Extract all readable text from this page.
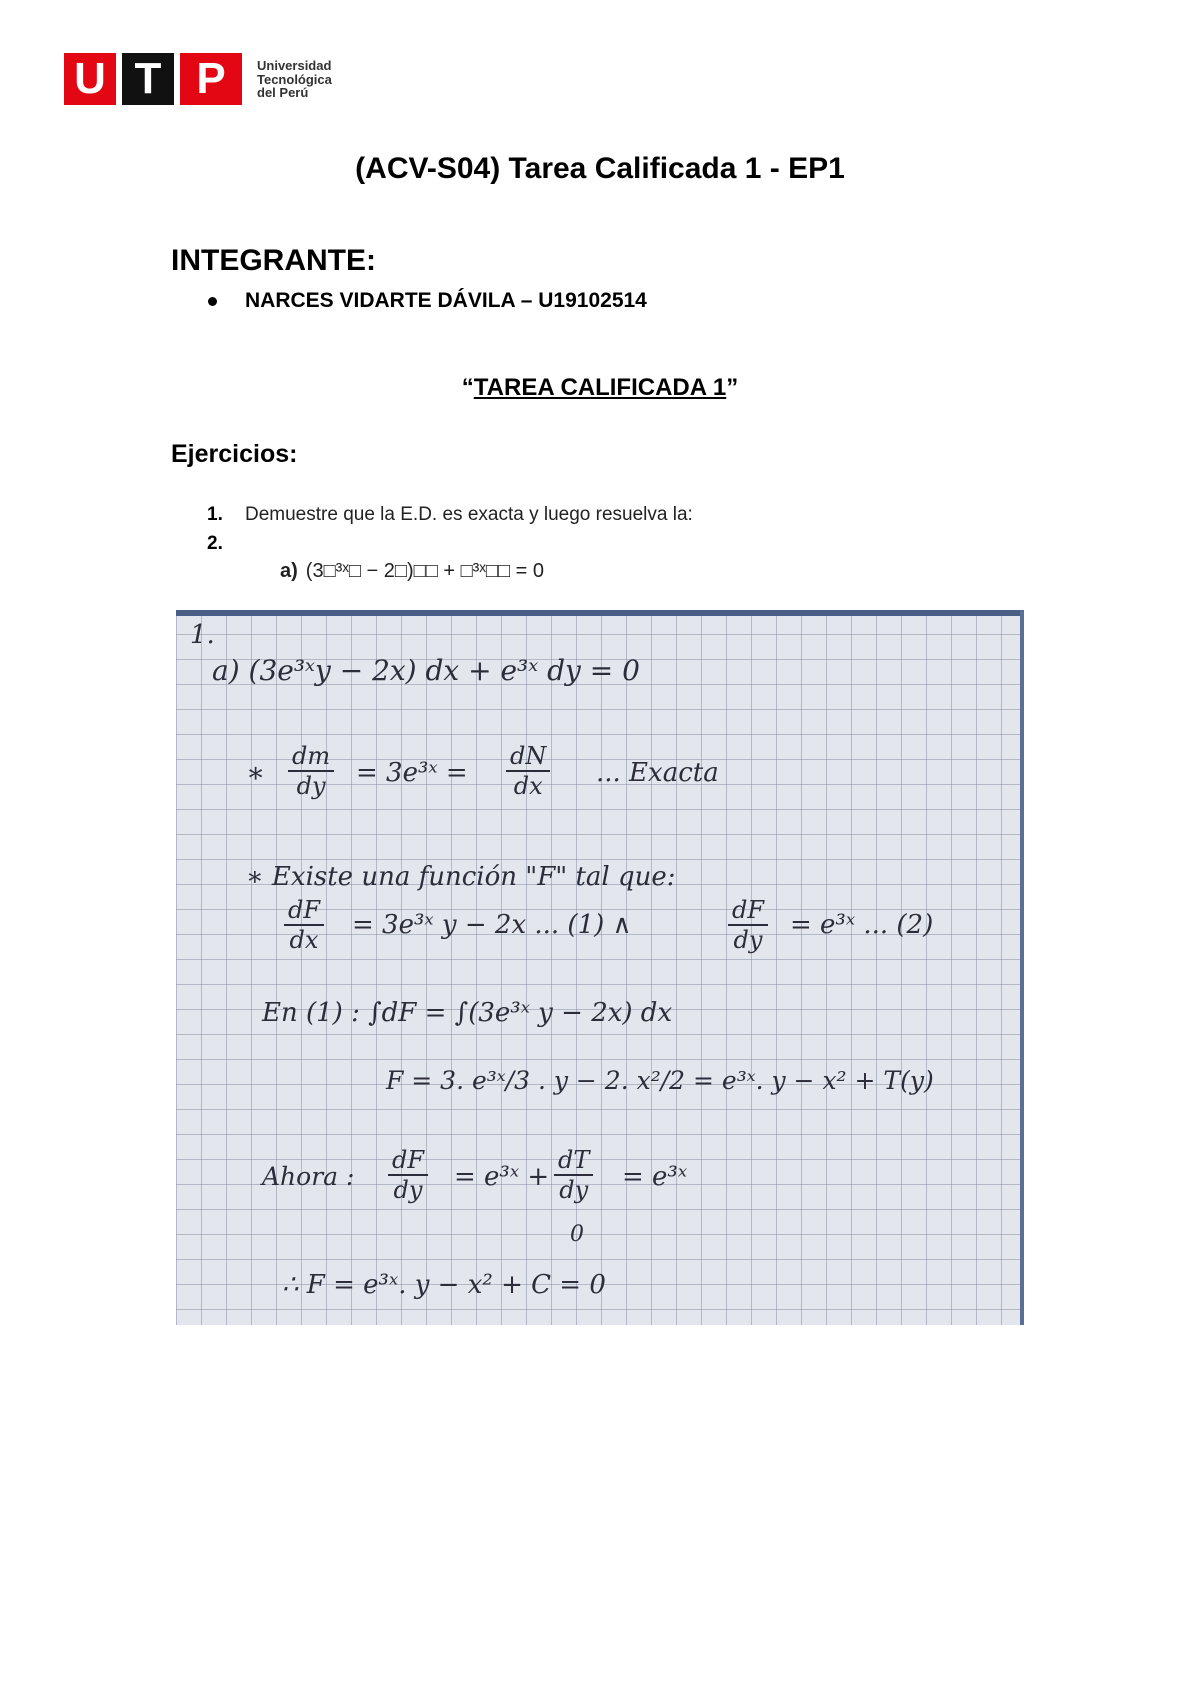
U T P	Universidad
Tecnológica
del Perú
(ACV-S04) Tarea Calificada 1 - EP1
INTEGRANTE:
NARCES VIDARTE DÁVILA – U19102514
“TAREA CALIFICADA 1”
Ejercicios:
1. Demuestre que la E.D. es exacta y luego resuelva la:
2.
a) (3□³ˣ□ − 2□)□□ + □³ˣ□□ = 0
1.
a) (3e³ˣy − 2x) dx + e³ˣ dy = 0
∗ $\frac{dm}{dy}$ = 3e³ˣ = $\frac{dN}{dx}$ ... Exacta
∗ Existe una función "F" tal que:
$\frac{dF}{dx}$ = 3e³ˣ y − 2x ... (1) ∧	$\frac{dF}{dy}$ = e³ˣ ... (2)
En (1) : ∫dF = ∫(3e³ˣ y − 2x) dx
F = 3. e³ˣ/3 . y − 2. x²/2 = e³ˣ. y − x² + T(y)
Ahora : $\frac{dF}{dy}$ = e³ˣ + $\frac{dT}{dy}$
0
= e³ˣ
∴ F = e³ˣ. y − x² + C = 0
